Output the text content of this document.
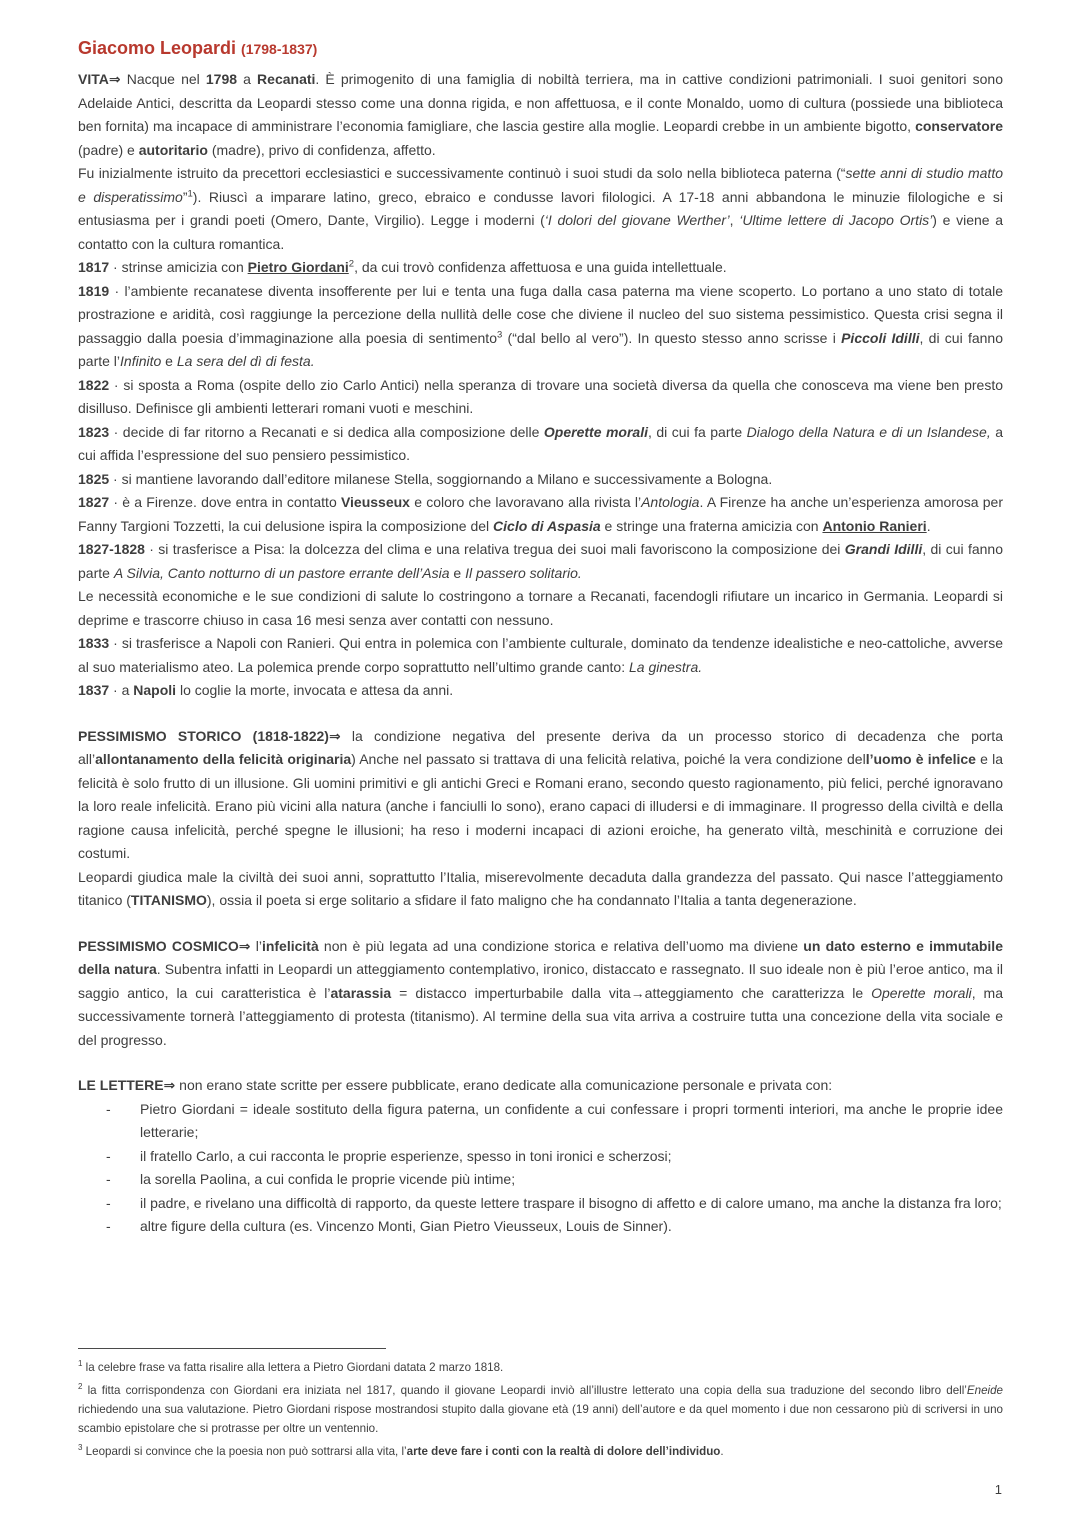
Giacomo Leopardi (1798-1837)

VITA⇒ Nacque nel 1798 a Recanati. È primogenito di una famiglia di nobiltà terriera, ma in cattive condizioni patrimoniali. I suoi genitori sono Adelaide Antici, descritta da Leopardi stesso come una donna rigida, e non affettuosa, e il conte Monaldo, uomo di cultura (possiede una biblioteca ben fornita) ma incapace di amministrare l’economia famigliare, che lascia gestire alla moglie. Leopardi crebbe in un ambiente bigotto, conservatore (padre) e autoritario (madre), privo di confidenza, affetto.

Fu inizialmente istruito da precettori ecclesiastici e successivamente continuò i suoi studi da solo nella biblioteca paterna (“sette anni di studio matto e disperatissimo”$^1$). Riuscì a imparare latino, greco, ebraico e condusse lavori filologici. A 17-18 anni abbandona le minuzie filologiche e si entusiasma per i grandi poeti (Omero, Dante, Virgilio). Legge i moderni (‘I dolori del giovane Werther’, ‘Ultime lettere di Jacopo Ortis’) e viene a contatto con la cultura romantica.

1817 · strinse amicizia con Pietro Giordani$^2$, da cui trovò confidenza affettuosa e una guida intellettuale.

1819 · l’ambiente recanatese diventa insofferente per lui e tenta una fuga dalla casa paterna ma viene scoperto. Lo portano a uno stato di totale prostrazione e aridità, così raggiunge la percezione della nullità delle cose che diviene il nucleo del suo sistema pessimistico. Questa crisi segna il passaggio dalla poesia d’immaginazione alla poesia di sentimento$^3$ (“dal bello al vero”). In questo stesso anno scrisse i Piccoli Idilli, di cui fanno parte l’Infinito e La sera del dì di festa.

1822 · si sposta a Roma (ospite dello zio Carlo Antici) nella speranza di trovare una società diversa da quella che conosceva ma viene ben presto disilluso. Definisce gli ambienti letterari romani vuoti e meschini.

1823 · decide di far ritorno a Recanati e si dedica alla composizione delle Operette morali, di cui fa parte Dialogo della Natura e di un Islandese, a cui affida l’espressione del suo pensiero pessimistico.

1825 · si mantiene lavorando dall’editore milanese Stella, soggiornando a Milano e successivamente a Bologna.

1827 · è a Firenze. dove entra in contatto Vieusseux e coloro che lavoravano alla rivista l’Antologia. A Firenze ha anche un’esperienza amorosa per Fanny Targioni Tozzetti, la cui delusione ispira la composizione del Ciclo di Aspasia e stringe una fraterna amicizia con Antonio Ranieri.

1827-1828 · si trasferisce a Pisa: la dolcezza del clima e una relativa tregua dei suoi mali favoriscono la composizione dei Grandi Idilli, di cui fanno parte A Silvia, Canto notturno di un pastore errante dell’Asia e Il passero solitario.

Le necessità economiche e le sue condizioni di salute lo costringono a tornare a Recanati, facendogli rifiutare un incarico in Germania. Leopardi si deprime e trascorre chiuso in casa 16 mesi senza aver contatti con nessuno.

1833 · si trasferisce a Napoli con Ranieri. Qui entra in polemica con l’ambiente culturale, dominato da tendenze idealistiche e neo-cattoliche, avverse al suo materialismo ateo. La polemica prende corpo soprattutto nell’ultimo grande canto: La ginestra.

1837 · a Napoli lo coglie la morte, invocata e attesa da anni.

PESSIMISMO STORICO (1818-1822)⇒ la condizione negativa del presente deriva da un processo storico di decadenza che porta all’allontanamento della felicità originaria) Anche nel passato si trattava di una felicità relativa, poiché la vera condizione dell’uomo è infelice e la felicità è solo frutto di un illusione. Gli uomini primitivi e gli antichi Greci e Romani erano, secondo questo ragionamento, più felici, perché ignoravano la loro reale infelicità. Erano più vicini alla natura (anche i fanciulli lo sono), erano capaci di illudersi e di immaginare. Il progresso della civiltà e della ragione causa infelicità, perché spegne le illusioni; ha reso i moderni incapaci di azioni eroiche, ha generato viltà, meschinità e corruzione dei costumi.

Leopardi giudica male la civiltà dei suoi anni, soprattutto l’Italia, miserevolmente decaduta dalla grandezza del passato. Qui nasce l’atteggiamento titanico (TITANISMO), ossia il poeta si erge solitario a sfidare il fato maligno che ha condannato l’Italia a tanta degenerazione.

PESSIMISMO COSMICO⇒ l’infelicità non è più legata ad una condizione storica e relativa dell’uomo ma diviene un dato esterno e immutabile della natura. Subentra infatti in Leopardi un atteggiamento contemplativo, ironico, distaccato e rassegnato. Il suo ideale non è più l’eroe antico, ma il saggio antico, la cui caratteristica è l’atarassia = distacco imperturbabile dalla vita→atteggiamento che caratterizza le Operette morali, ma successivamente tornerà l’atteggiamento di protesta (titanismo). Al termine della sua vita arriva a costruire tutta una concezione della vita sociale e del progresso.

LE LETTERE⇒ non erano state scritte per essere pubblicate, erano dedicate alla comunicazione personale e privata con:

- Pietro Giordani = ideale sostituto della figura paterna, un confidente a cui confessare i propri tormenti interiori, ma anche le proprie idee letterarie;
- il fratello Carlo, a cui racconta le proprie esperienze, spesso in toni ironici e scherzosi;
- la sorella Paolina, a cui confida le proprie vicende più intime;
- il padre, e rivelano una difficoltà di rapporto, da queste lettere traspare il bisogno di affetto e di calore umano, ma anche la distanza fra loro;
- altre figure della cultura (es. Vincenzo Monti, Gian Pietro Vieusseux, Louis de Sinner).

$^1$ la celebre frase va fatta risalire alla lettera a Pietro Giordani datata 2 marzo 1818.

$^2$ la fitta corrispondenza con Giordani era iniziata nel 1817, quando il giovane Leopardi inviò all’illustre letterato una copia della sua traduzione del secondo libro dell’Eneide richiedendo una sua valutazione. Pietro Giordani rispose mostrandosi stupito dalla giovane età (19 anni) dell’autore e da quel momento i due non cessarono più di scriversi in uno scambio epistolare che si protrasse per oltre un ventennio.

$^3$ Leopardi si convince che la poesia non può sottrarsi alla vita, l’arte deve fare i conti con la realtà di dolore dell’individuo.

1
